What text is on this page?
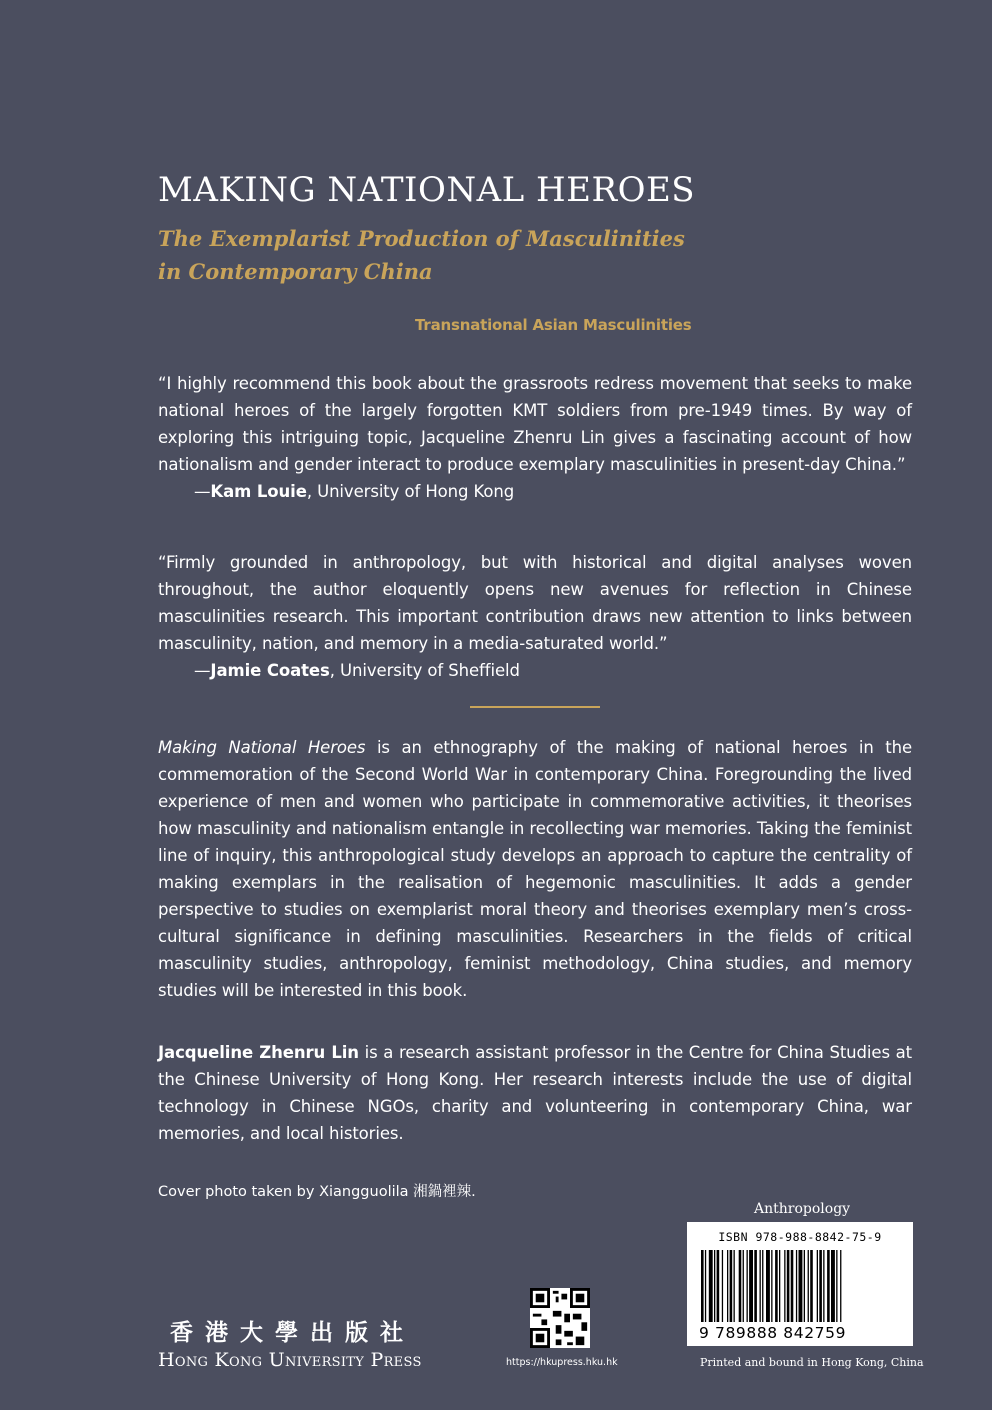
MAKING NATIONAL HEROES
The Exemplarist Production of Masculinities
in Contemporary China
Transnational Asian Masculinities

“I highly recommend this book about the grassroots redress movement that seeks to make national heroes of the largely forgotten KMT soldiers from pre-1949 times. By way of exploring this intriguing topic, Jacqueline Zhenru Lin gives a fascinating account of how nationalism and gender interact to produce exemplary masculinities in present-day China.”

—Kam Louie, University of Hong Kong

“Firmly grounded in anthropology, but with historical and digital analyses woven throughout, the author eloquently opens new avenues for reflection in Chinese masculinities research. This important contribution draws new attention to links between masculinity, nation, and memory in a media-saturated world.”

—Jamie Coates, University of Sheffield

Making National Heroes is an ethnography of the making of national heroes in the commemoration of the Second World War in contemporary China. Foregrounding the lived experience of men and women who participate in commemorative activities, it theorises how masculinity and nationalism entangle in recollecting war memories. Taking the feminist line of inquiry, this anthropological study develops an approach to capture the centrality of making exemplars in the realisation of hegemonic masculinities. It adds a gender perspective to studies on exemplarist moral theory and theorises exemplary men’s cross-cultural significance in defining masculinities. Researchers in the fields of critical masculinity studies, anthropology, feminist methodology, China studies, and memory studies will be interested in this book.

Jacqueline Zhenru Lin is a research assistant professor in the Centre for China Studies at the Chinese University of Hong Kong. Her research interests include the use of digital technology in Chinese NGOs, charity and volunteering in contemporary China, war memories, and local histories.

Cover photo taken by Xiangguolila 湘鍋裡辣.
Anthropology
ISBN 978-988-8842-75-9
9 789888 842759
Printed and bound in Hong Kong, China
香港大學出版社
Hong Kong University Press	https://hkupress.hku.hk
